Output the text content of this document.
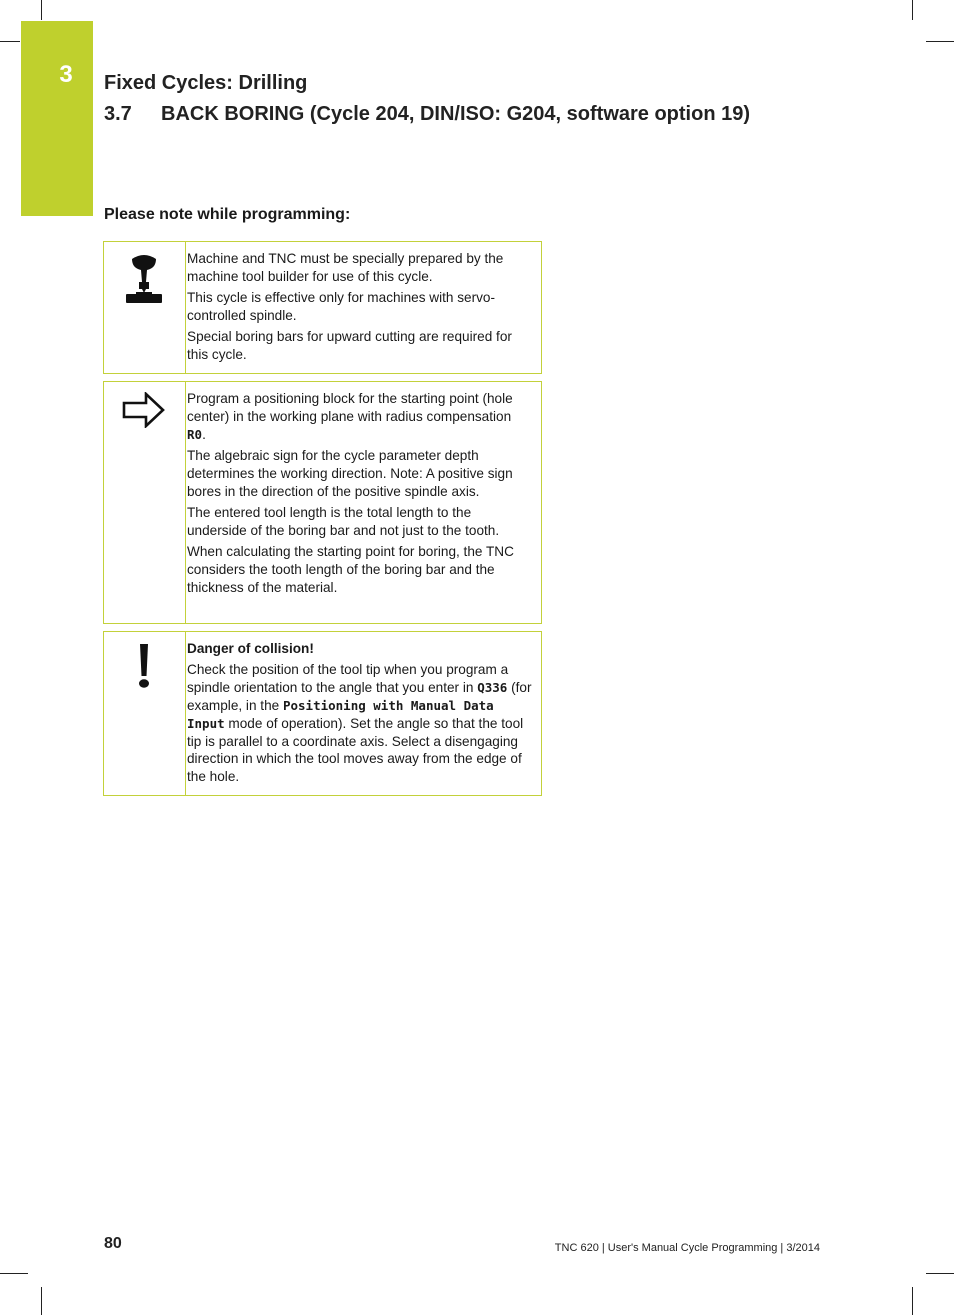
3	Fixed Cycles: Drilling
3.7 BACK BORING (Cycle 204, DIN/ISO: G204, software option 19)
Please note while programming:

Machine and TNC must be specially prepared by the machine tool builder for use of this cycle.

This cycle is effective only for machines with servo-controlled spindle.

Special boring bars for upward cutting are required for this cycle.

Program a positioning block for the starting point (hole center) in the working plane with radius compensation R0.

The algebraic sign for the cycle parameter depth determines the working direction. Note: A positive sign bores in the direction of the positive spindle axis.

The entered tool length is the total length to the underside of the boring bar and not just to the tooth.

When calculating the starting point for boring, the TNC considers the tooth length of the boring bar and the thickness of the material.

Danger of collision!

Check the position of the tool tip when you program a spindle orientation to the angle that you enter in Q336 (for example, in the Positioning with Manual Data Input mode of operation). Set the angle so that the tool tip is parallel to a coordinate axis. Select a disengaging direction in which the tool moves away from the edge of the hole.

80	TNC 620 | User's Manual Cycle Programming | 3/2014
